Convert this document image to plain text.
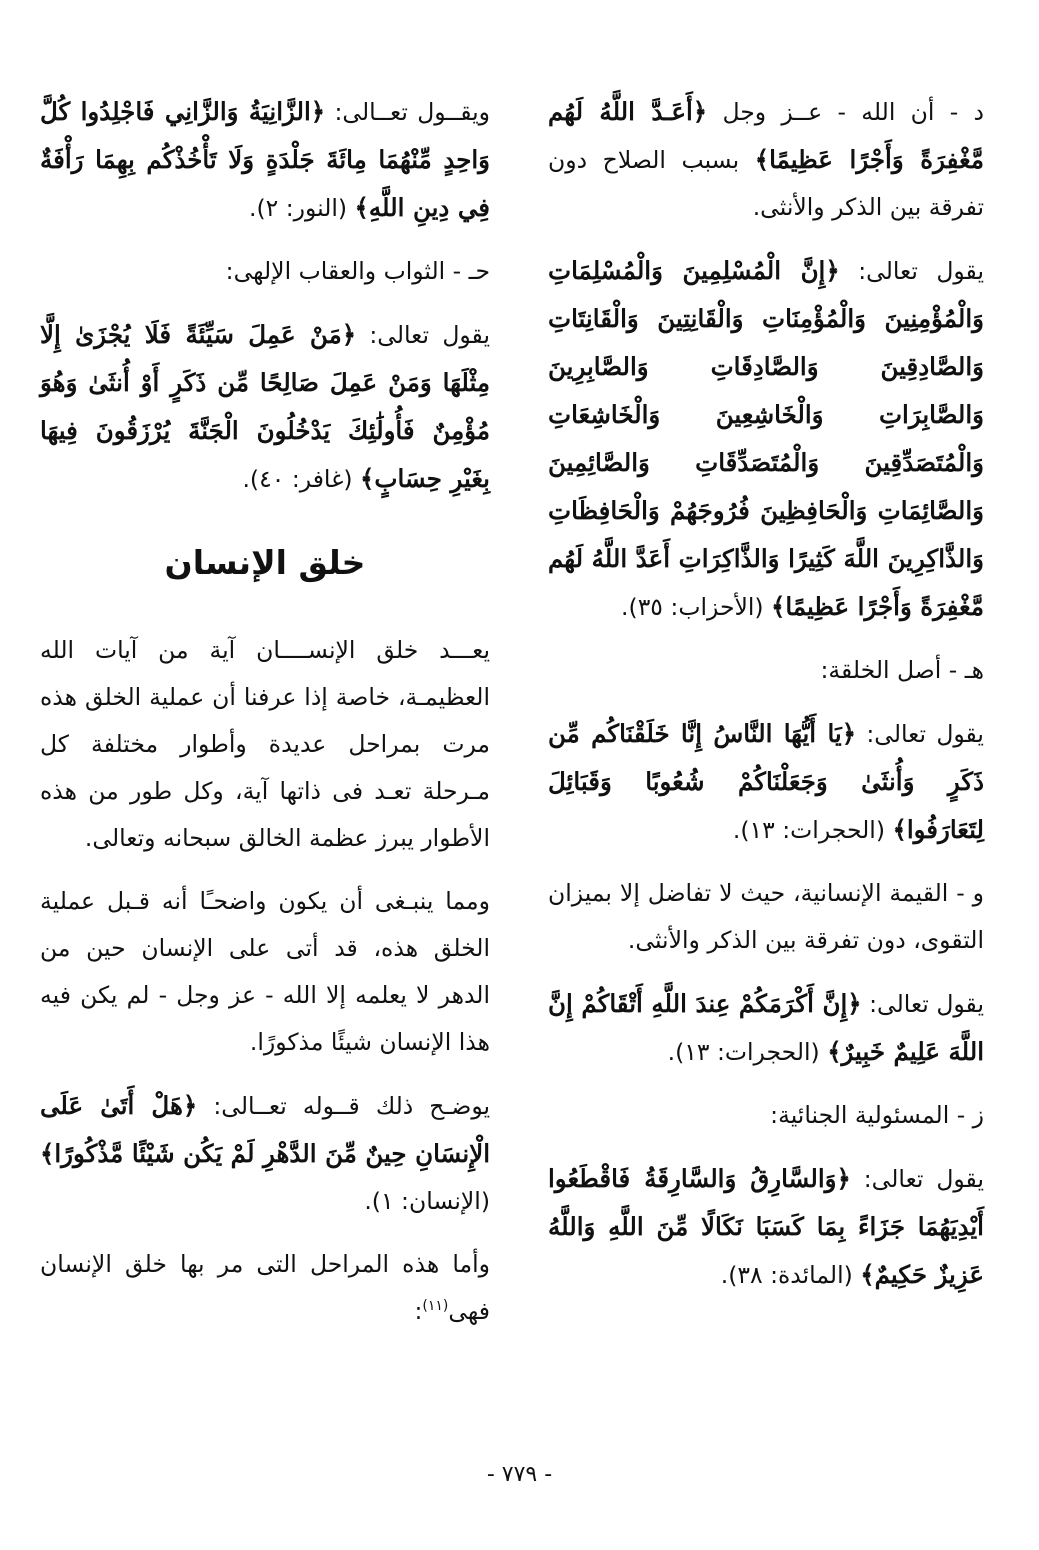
د - أن الله - عــز وجل ﴿أَعَـدَّ اللَّهُ لَهُم مَّغْفِرَةً وَأَجْرًا عَظِيمًا﴾ بسبب الصلاح دون تفرقة بين الذكر والأنثى.

يقول تعالى: ﴿إِنَّ الْمُسْلِمِينَ وَالْمُسْلِمَاتِ وَالْمُؤْمِنِينَ وَالْمُؤْمِنَاتِ وَالْقَانِتِينَ وَالْقَانِتَاتِ وَالصَّادِقِينَ وَالصَّادِقَاتِ وَالصَّابِرِينَ وَالصَّابِرَاتِ وَالْخَاشِعِينَ وَالْخَاشِعَاتِ وَالْمُتَصَدِّقِينَ وَالْمُتَصَدِّقَاتِ وَالصَّائِمِينَ وَالصَّائِمَاتِ وَالْحَافِظِينَ فُرُوجَهُمْ وَالْحَافِظَاتِ وَالذَّاكِرِينَ اللَّهَ كَثِيرًا وَالذَّاكِرَاتِ أَعَدَّ اللَّهُ لَهُم مَّغْفِرَةً وَأَجْرًا عَظِيمًا﴾ (الأحزاب: ٣٥).

هـ - أصل الخلقة:

يقول تعالى: ﴿يَا أَيُّهَا النَّاسُ إِنَّا خَلَقْنَاكُم مِّن ذَكَرٍ وَأُنثَىٰ وَجَعَلْنَاكُمْ شُعُوبًا وَقَبَائِلَ لِتَعَارَفُوا﴾ (الحجرات: ١٣).

و - القيمة الإنسانية، حيث لا تفاضل إلا بميزان التقوى، دون تفرقة بين الذكر والأنثى.

يقول تعالى: ﴿إِنَّ أَكْرَمَكُمْ عِندَ اللَّهِ أَتْقَاكُمْ إِنَّ اللَّهَ عَلِيمٌ خَبِيرٌ﴾ (الحجرات: ١٣).

ز - المسئولية الجنائية:

يقول تعالى: ﴿وَالسَّارِقُ وَالسَّارِقَةُ فَاقْطَعُوا أَيْدِيَهُمَا جَزَاءً بِمَا كَسَبَا نَكَالًا مِّنَ اللَّهِ وَاللَّهُ عَزِيزٌ حَكِيمٌ﴾ (المائدة: ٣٨).

ويقــول تعــالى: ﴿الزَّانِيَةُ وَالزَّانِي فَاجْلِدُوا كُلَّ وَاحِدٍ مِّنْهُمَا مِائَةَ جَلْدَةٍ وَلَا تَأْخُذْكُم بِهِمَا رَأْفَةٌ فِي دِينِ اللَّهِ﴾ (النور: ٢).

حـ - الثواب والعقاب الإلهى:

يقول تعالى: ﴿مَنْ عَمِلَ سَيِّئَةً فَلَا يُجْزَىٰ إِلَّا مِثْلَهَا وَمَنْ عَمِلَ صَالِحًا مِّن ذَكَرٍ أَوْ أُنثَىٰ وَهُوَ مُؤْمِنٌ فَأُولَٰئِكَ يَدْخُلُونَ الْجَنَّةَ يُرْزَقُونَ فِيهَا بِغَيْرِ حِسَابٍ﴾ (غافر: ٤٠).

خلق الإنسان

يعـــد خلق الإنســــان آية من آيات الله العظيمـة، خاصة إذا عرفنا أن عملية الخلق هذه مرت بمراحل عديدة وأطوار مختلفة كل مـرحلة تعـد فى ذاتها آية، وكل طور من هذه الأطوار يبرز عظمة الخالق سبحانه وتعالى.

ومما ينبـغى أن يكون واضحـًا أنه قـبل عملية الخلق هذه، قد أتى على الإنسان حين من الدهر لا يعلمه إلا الله - عز وجل - لم يكن فيه هذا الإنسان شيئًا مذكورًا.

يوضـح ذلك قــوله تعــالى: ﴿هَلْ أَتَىٰ عَلَى الْإِنسَانِ حِينٌ مِّنَ الدَّهْرِ لَمْ يَكُن شَيْئًا مَّذْكُورًا﴾ (الإنسان: ١).

وأما هذه المراحل التى مر بها خلق الإنسان فهى$^{(١١)}$:

- ٧٧٩ -
